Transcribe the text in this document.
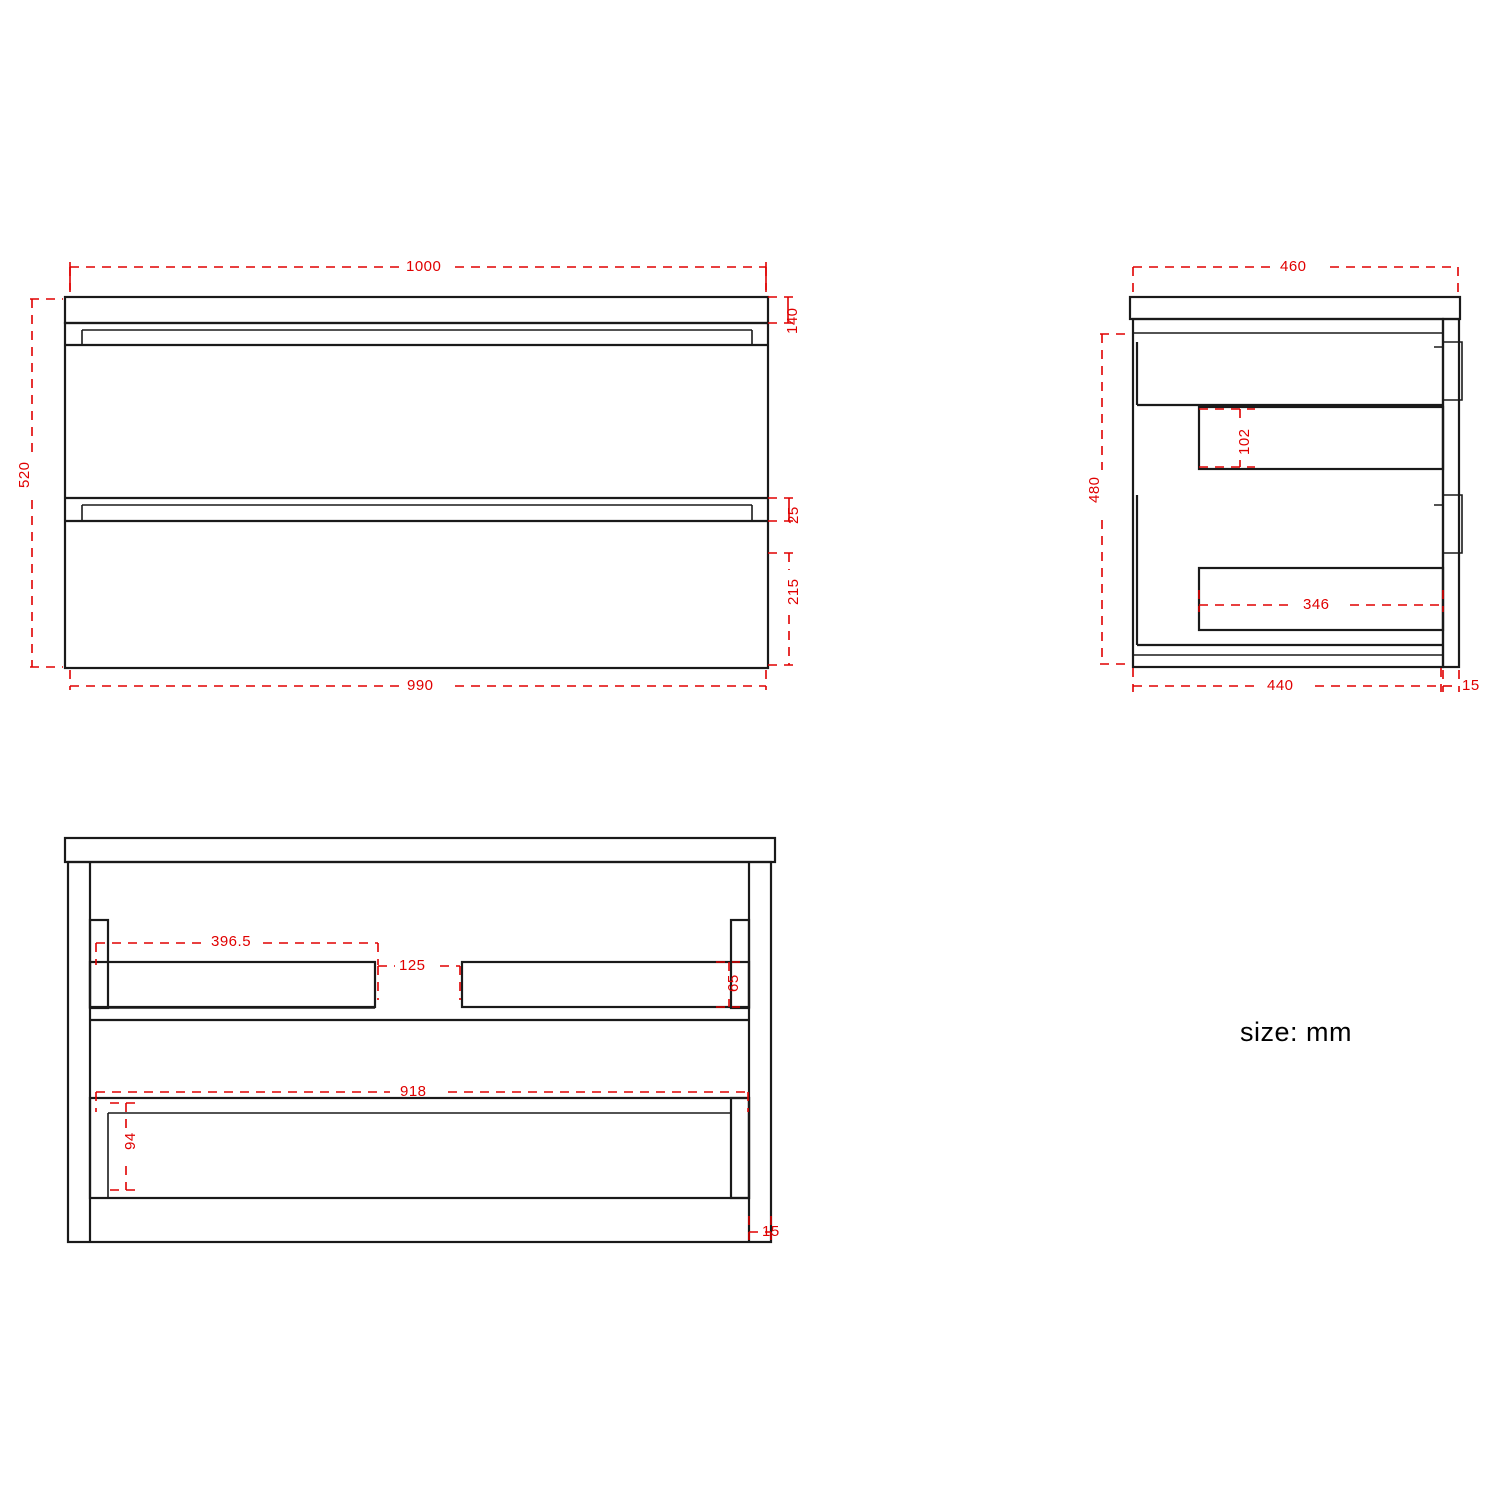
1000
140
520
25
215
990
460
102
480
346
440	15
396.5
125
65
918
94
15
size: mm
